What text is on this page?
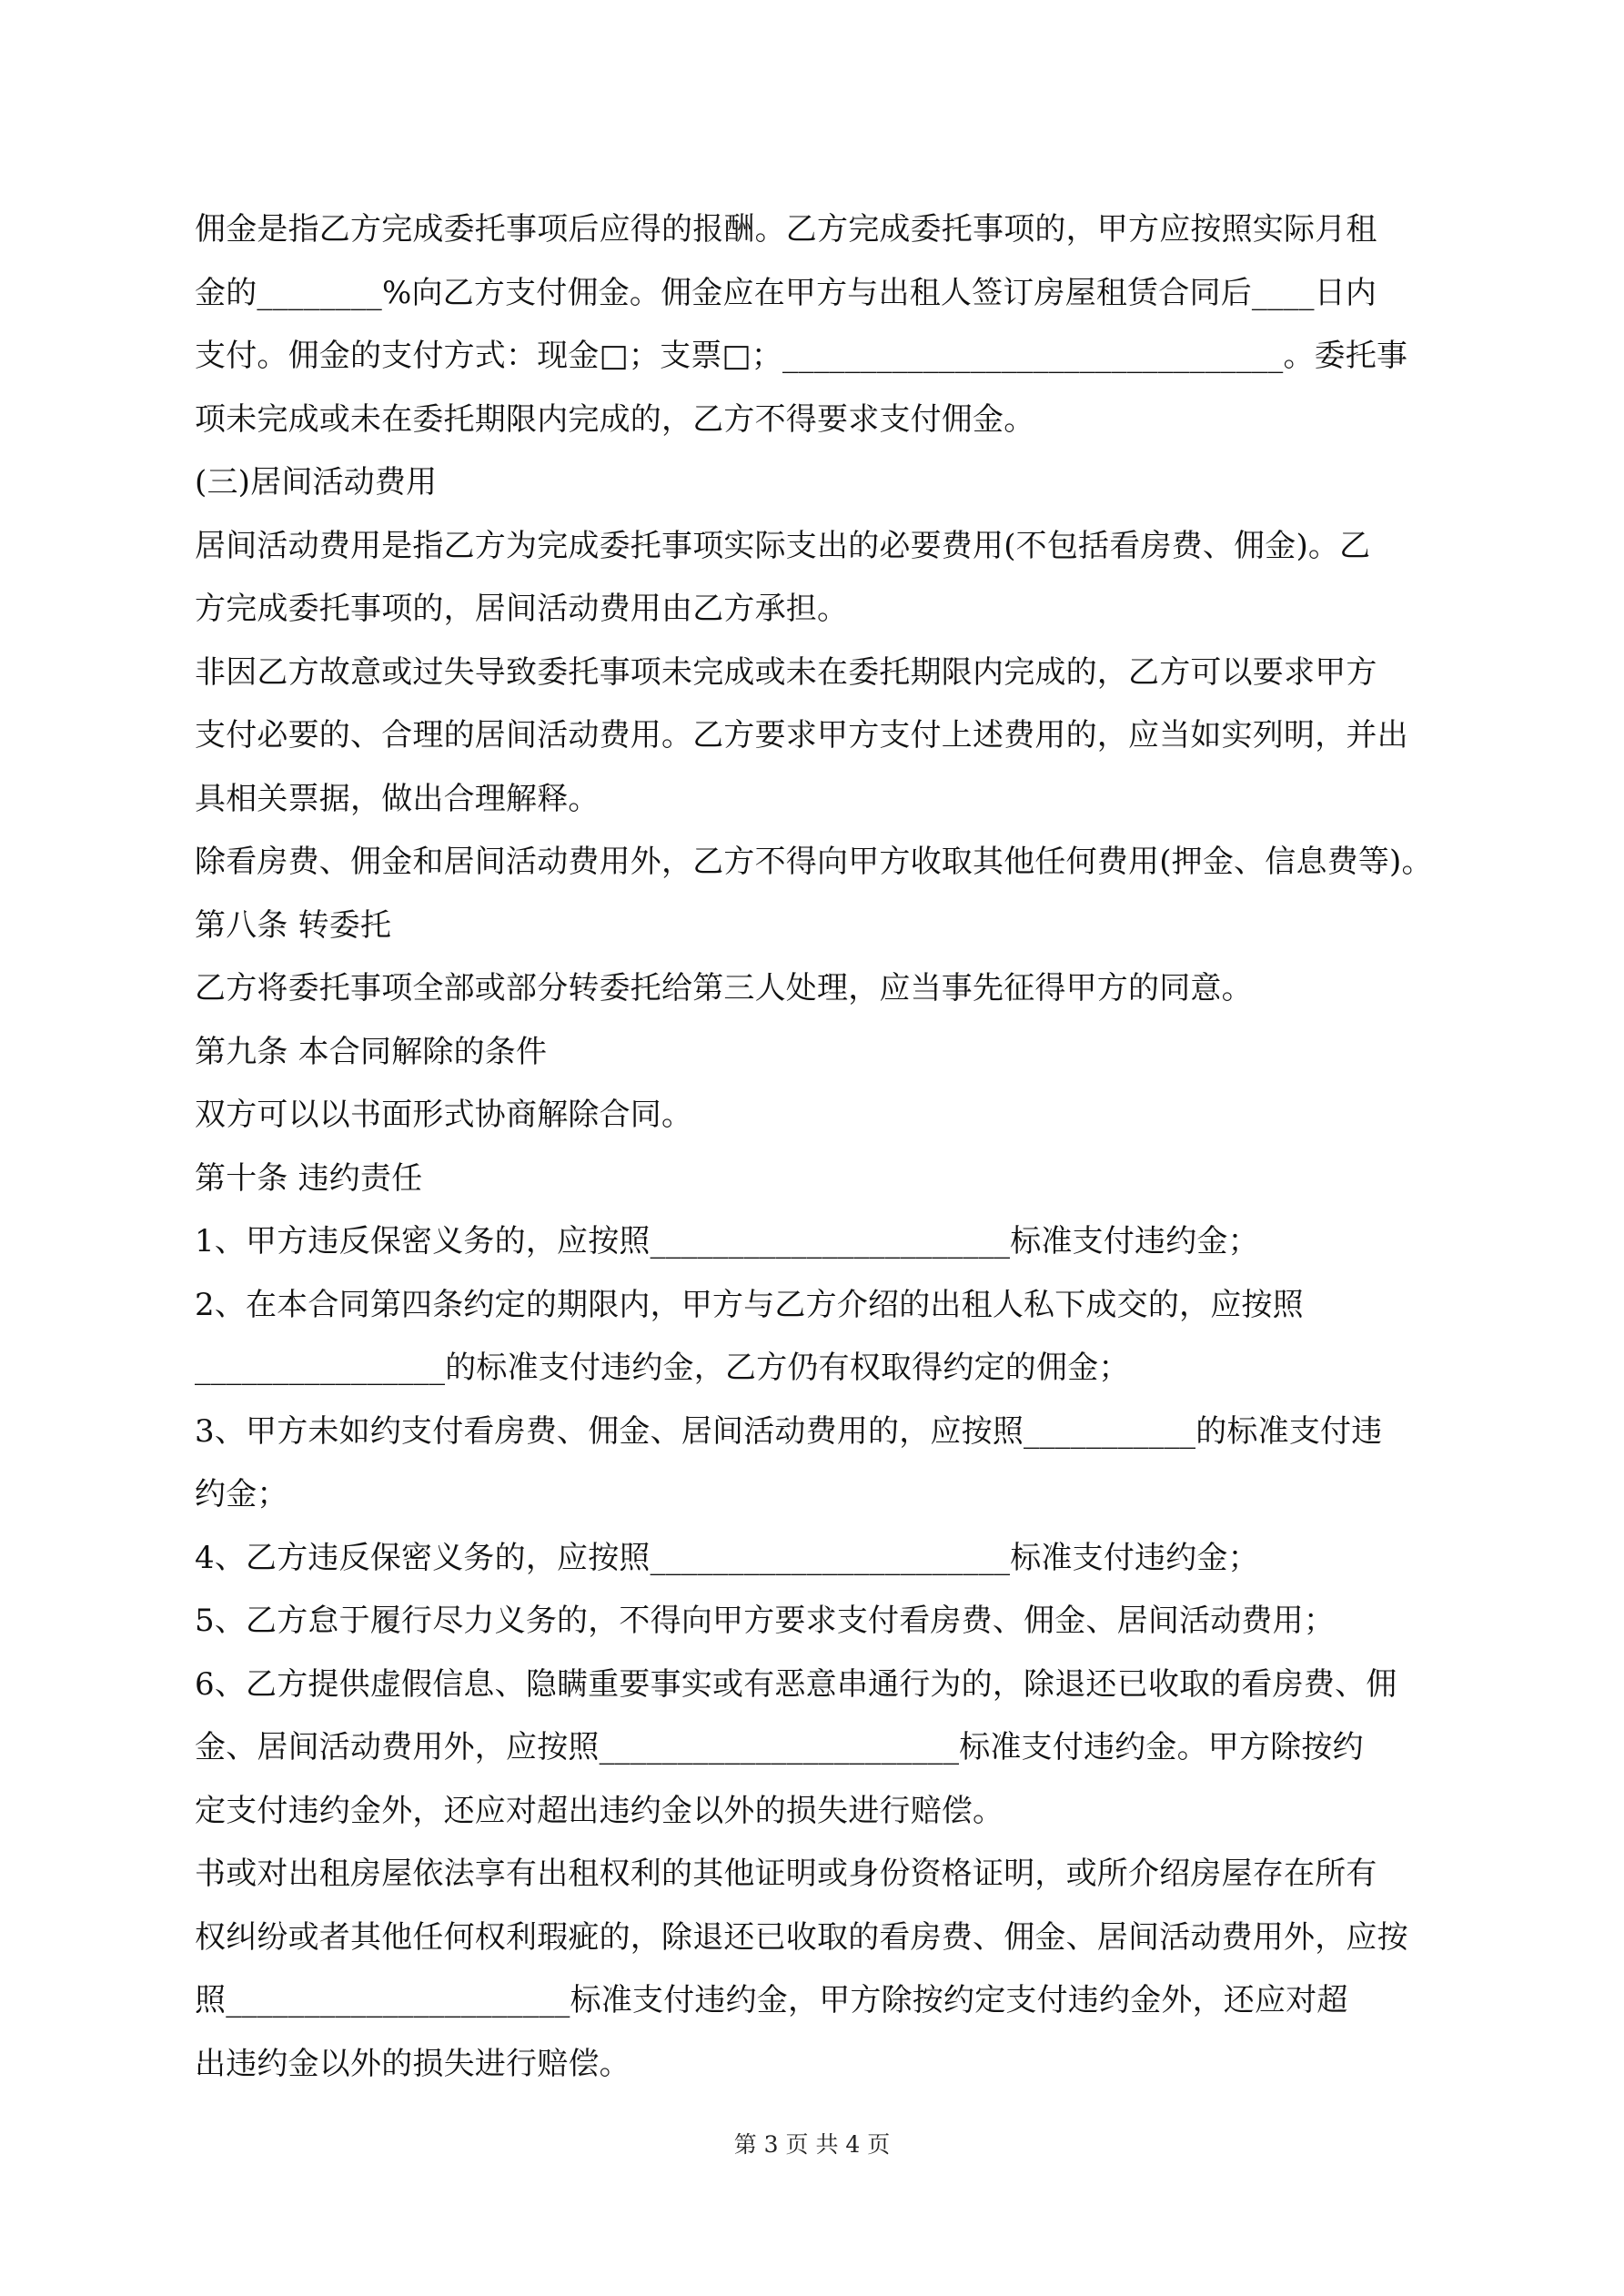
佣金是指乙方完成委托事项后应得的报酬。乙方完成委托事项的，甲方应按照实际月租

金的________%向乙方支付佣金。佣金应在甲方与出租人签订房屋租赁合同后____日内

支付。佣金的支付方式：现金□；支票□；________________________________。委托事

项未完成或未在委托期限内完成的，乙方不得要求支付佣金。

(三)居间活动费用

居间活动费用是指乙方为完成委托事项实际支出的必要费用(不包括看房费、佣金)。乙

方完成委托事项的，居间活动费用由乙方承担。

非因乙方故意或过失导致委托事项未完成或未在委托期限内完成的，乙方可以要求甲方

支付必要的、合理的居间活动费用。乙方要求甲方支付上述费用的，应当如实列明，并出

具相关票据，做出合理解释。

除看房费、佣金和居间活动费用外，乙方不得向甲方收取其他任何费用(押金、信息费等)。

第八条 转委托

乙方将委托事项全部或部分转委托给第三人处理，应当事先征得甲方的同意。

第九条 本合同解除的条件

双方可以以书面形式协商解除合同。

第十条 违约责任

1、甲方违反保密义务的，应按照_______________________标准支付违约金；

2、在本合同第四条约定的期限内，甲方与乙方介绍的出租人私下成交的，应按照

________________的标准支付违约金，乙方仍有权取得约定的佣金；

3、甲方未如约支付看房费、佣金、居间活动费用的，应按照___________的标准支付违

约金；

4、乙方违反保密义务的，应按照_______________________标准支付违约金；

5、乙方怠于履行尽力义务的，不得向甲方要求支付看房费、佣金、居间活动费用；

6、乙方提供虚假信息、隐瞒重要事实或有恶意串通行为的，除退还已收取的看房费、佣

金、居间活动费用外，应按照_______________________标准支付违约金。甲方除按约

定支付违约金外，还应对超出违约金以外的损失进行赔偿。

书或对出租房屋依法享有出租权利的其他证明或身份资格证明，或所介绍房屋存在所有

权纠纷或者其他任何权利瑕疵的，除退还已收取的看房费、佣金、居间活动费用外，应按

照______________________标准支付违约金，甲方除按约定支付违约金外，还应对超

出违约金以外的损失进行赔偿。

第 3 页 共 4 页
